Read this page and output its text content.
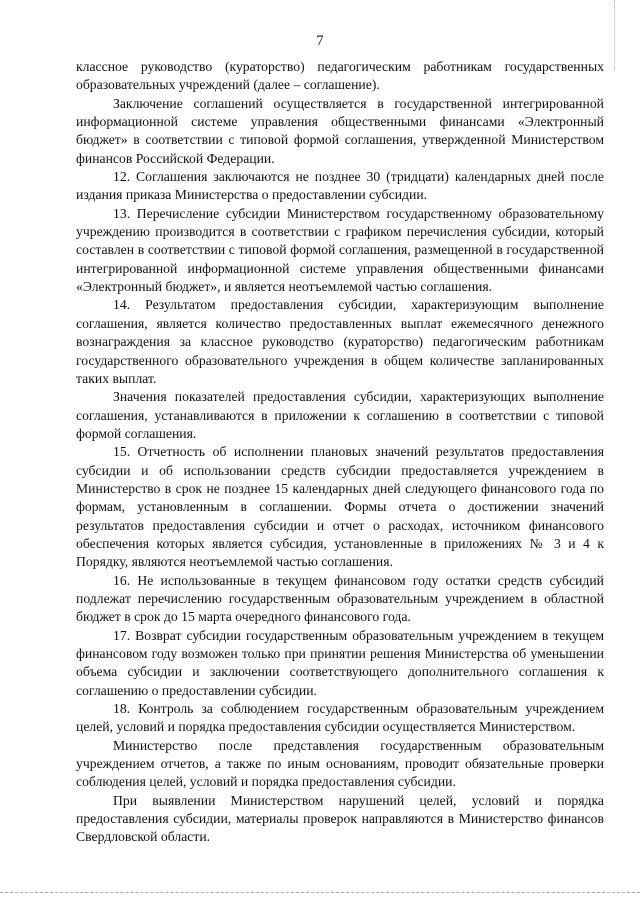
7

классное руководство (кураторство) педагогическим работникам государственных образовательных учреждений (далее – соглашение).

Заключение соглашений осуществляется в государственной интегрированной информационной системе управления общественными финансами «Электронный бюджет» в соответствии с типовой формой соглашения, утвержденной Министерством финансов Российской Федерации.

12. Соглашения заключаются не позднее 30 (тридцати) календарных дней после издания приказа Министерства о предоставлении субсидии.

13. Перечисление субсидии Министерством государственному образовательному учреждению производится в соответствии с графиком перечисления субсидии, который составлен в соответствии с типовой формой соглашения, размещенной в государственной интегрированной информационной системе управления общественными финансами «Электронный бюджет», и является неотъемлемой частью соглашения.

14. Результатом предоставления субсидии, характеризующим выполнение соглашения, является количество предоставленных выплат ежемесячного денежного вознаграждения за классное руководство (кураторство) педагогическим работникам государственного образовательного учреждения в общем количестве запланированных таких выплат.

Значения показателей предоставления субсидии, характеризующих выполнение соглашения, устанавливаются в приложении к соглашению в соответствии с типовой формой соглашения.

15. Отчетность об исполнении плановых значений результатов предоставления субсидии и об использовании средств субсидии предоставляется учреждением в Министерство в срок не позднее 15 календарных дней следующего финансового года по формам, установленным в соглашении. Формы отчета о достижении значений результатов предоставления субсидии и отчет о расходах, источником финансового обеспечения которых является субсидия, установленные в приложениях № 3 и 4 к Порядку, являются неотъемлемой частью соглашения.

16. Не использованные в текущем финансовом году остатки средств субсидий подлежат перечислению государственным образовательным учреждением в областной бюджет в срок до 15 марта очередного финансового года.

17. Возврат субсидии государственным образовательным учреждением в текущем финансовом году возможен только при принятии решения Министерства об уменьшении объема субсидии и заключении соответствующего дополнительного соглашения к соглашению о предоставлении субсидии.

18. Контроль за соблюдением государственным образовательным учреждением целей, условий и порядка предоставления субсидии осуществляется Министерством.

Министерство после представления государственным образовательным учреждением отчетов, а также по иным основаниям, проводит обязательные проверки соблюдения целей, условий и порядка предоставления субсидии.

При выявлении Министерством нарушений целей, условий и порядка предоставления субсидии, материалы проверок направляются в Министерство финансов Свердловской области.
